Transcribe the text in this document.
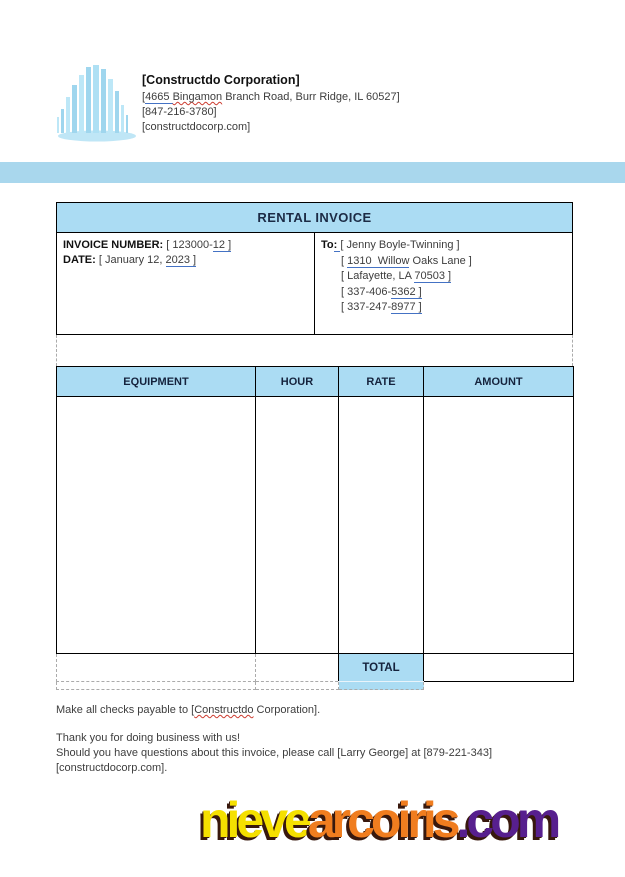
[Constructdo Corporation]
[4665 Bingamon Branch Road, Burr Ridge, IL 60527]
[847-216-3780]
[constructdocorp.com]
RENTAL INVOICE

INVOICE NUMBER: [ 123000-12 ]
DATE: [ January 12, 2023 ]

To: [ Jenny Boyle-Twinning ]
[ 1310  Willow Oaks Lane ]
[ Lafayette, LA 70503 ]
[ 337-406-5362 ]
[ 337-247-8977 ]
EQUIPMENT	HOUR	RATE	AMOUNT

		TOTAL	

Make all checks payable to [Constructdo Corporation].
Thank you for doing business with us!
Should you have questions about this invoice, please call [Larry George] at [879-221-343]
[constructdocorp.com].
nievearcoiris.com
